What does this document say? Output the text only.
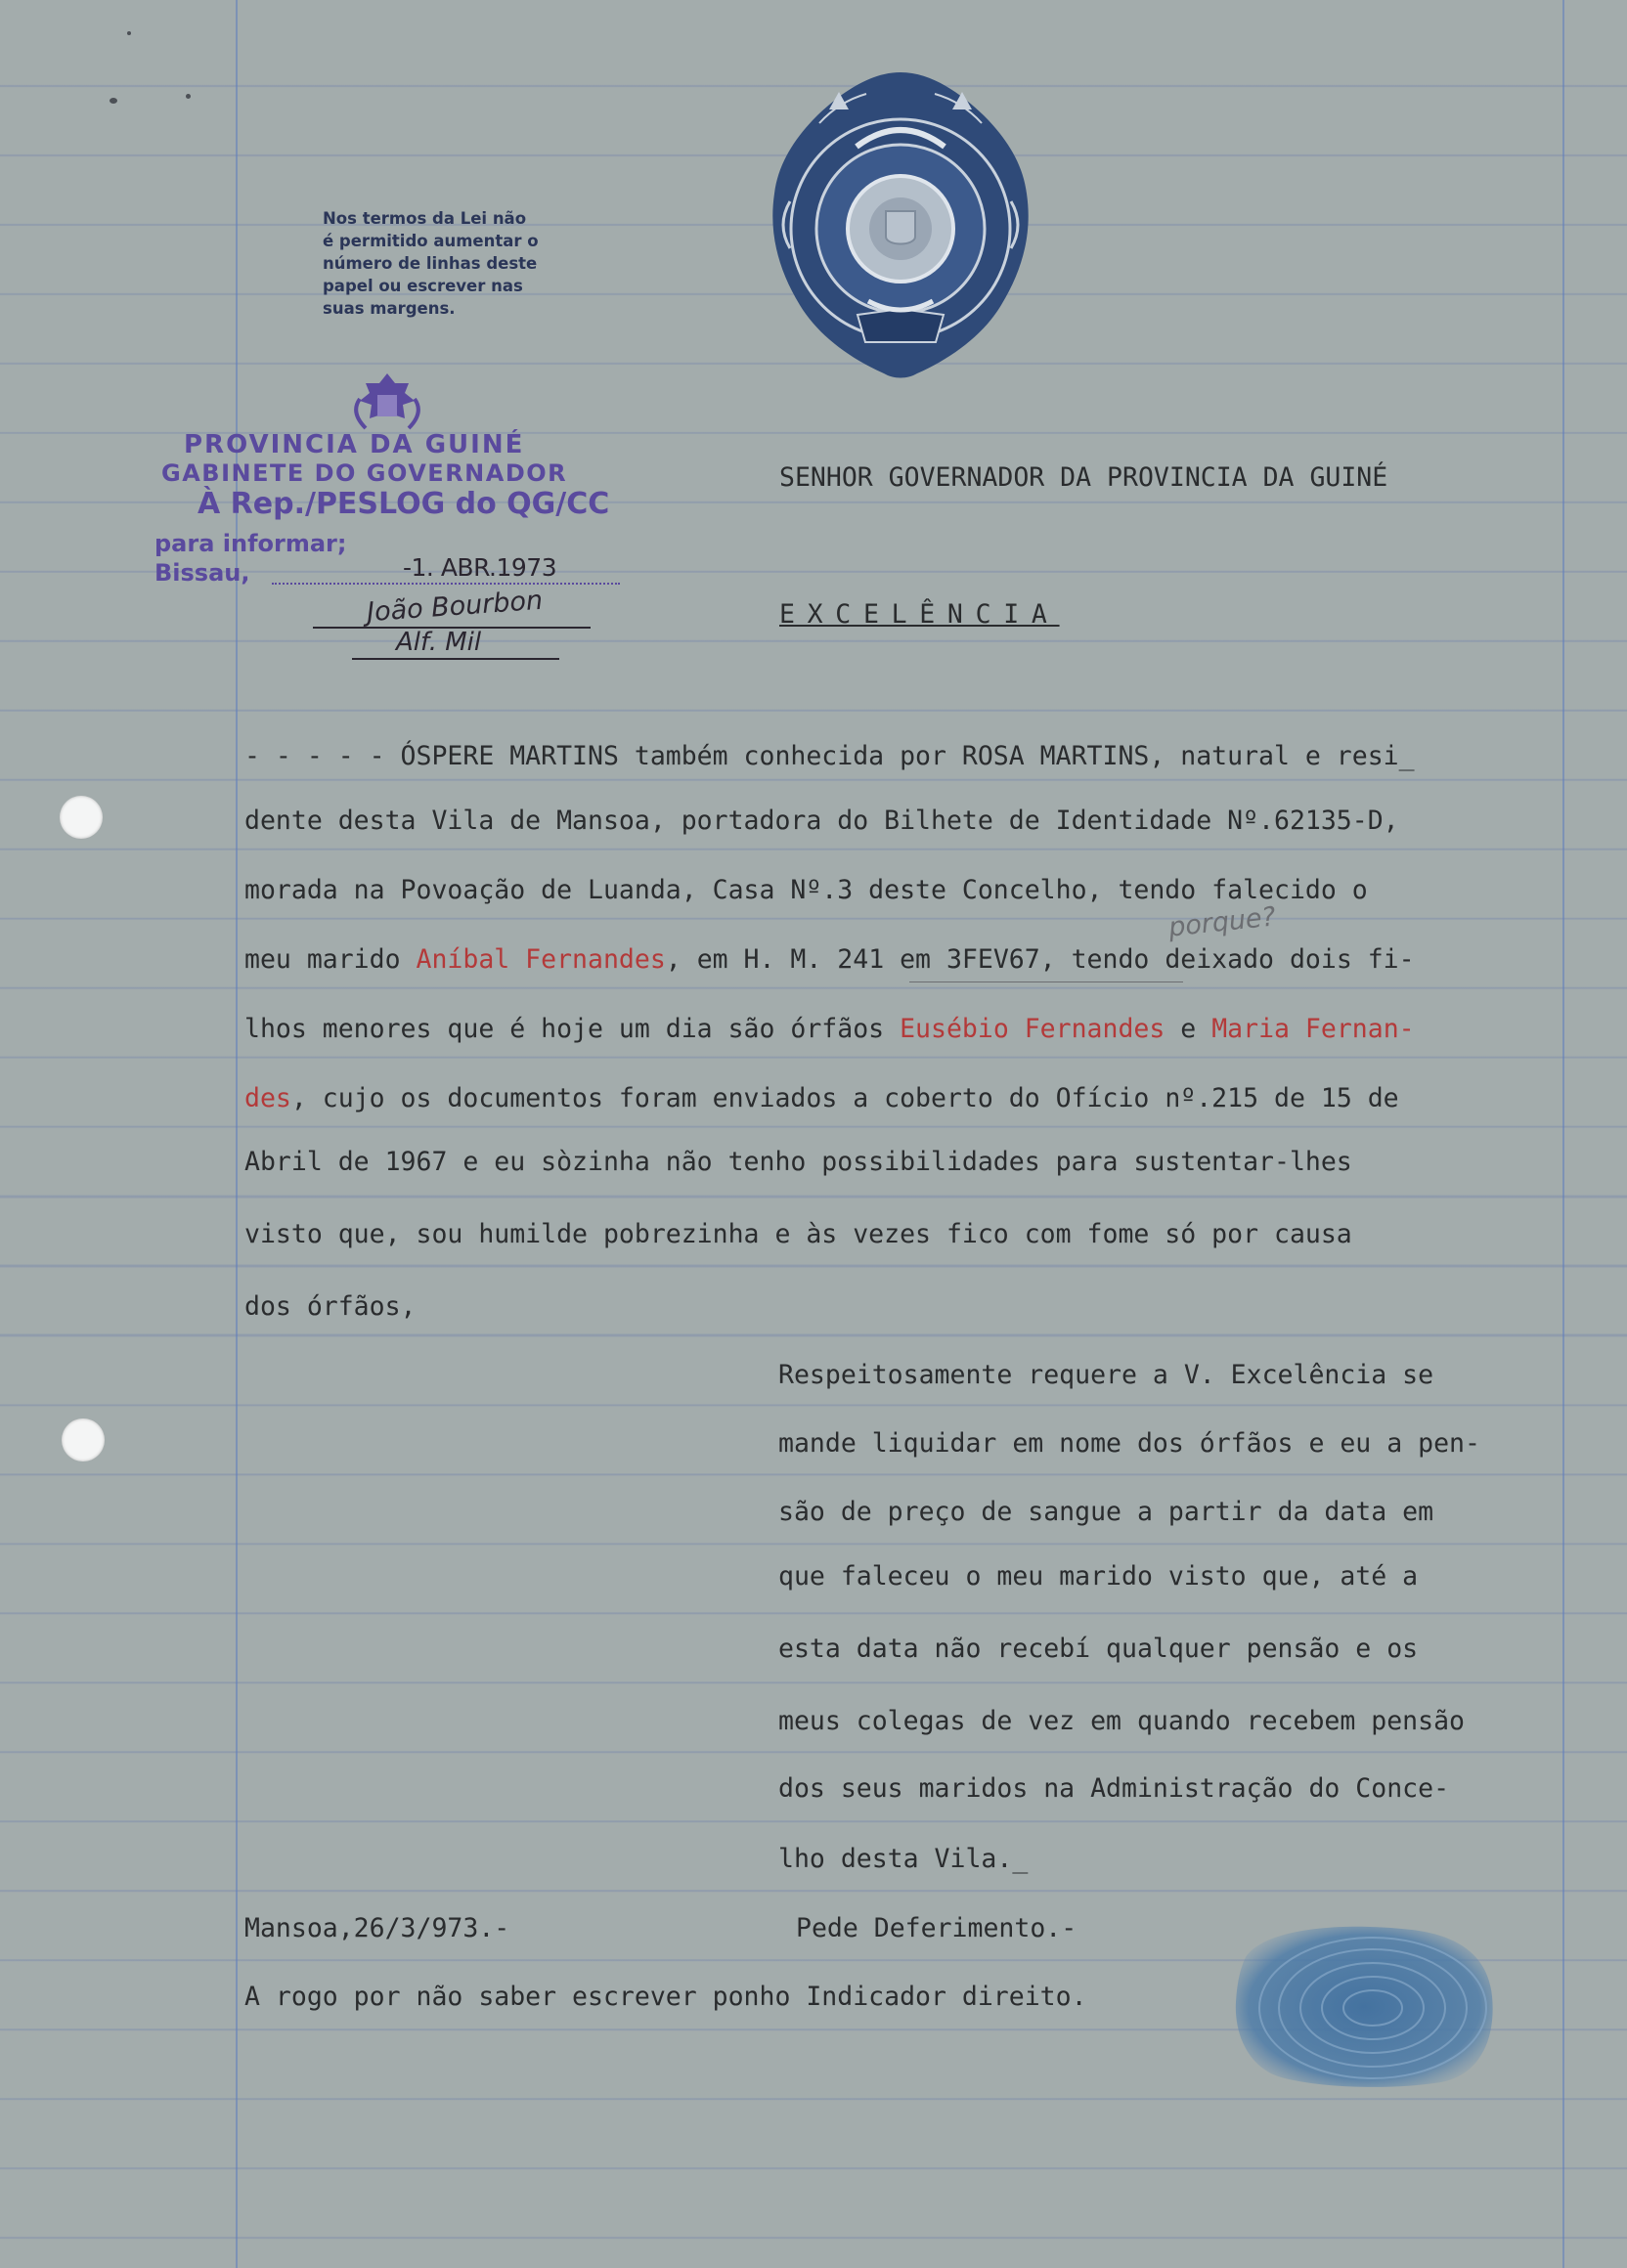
Nos termos da Lei não
é permitido aumentar o
número de linhas deste
papel ou escrever nas
suas margens.
PROVINCIA DA GUINÉ
GABINETE DO GOVERNADOR
À Rep./PESLOG do QG/CC
para informar;
Bissau,	-1. ABR.1973
João Bourbon
Alf. Mil
SENHOR GOVERNADOR DA PROVINCIA DA GUINÉ
EXCELÊNCIA
- - - - - ÓSPERE MARTINS também conhecida por ROSA MARTINS, natural e resi_
dente desta Vila de Mansoa, portadora do Bilhete de Identidade Nº.62135-D,
morada na Povoação de Luanda, Casa Nº.3 deste Concelho, tendo falecido o
meu marido Aníbal Fernandes, em H. M. 241 em 3FEV67, tendo deixado dois fi-
lhos menores que é hoje um dia são órfãos Eusébio Fernandes e Maria Fernan-
des, cujo os documentos foram enviados a coberto do Ofício nº.215 de 15 de
Abril de 1967 e eu sòzinha não tenho possibilidades para sustentar-lhes
visto que, sou humilde pobrezinha e às vezes fico com fome só por causa
dos órfãos,
porque?
Respeitosamente requere a V. Excelência se
mande liquidar em nome dos órfãos e eu a pen-
são de preço de sangue a partir da data em
que faleceu o meu marido visto que, até a
esta data não recebí qualquer pensão e os
meus colegas de vez em quando recebem pensão
dos seus maridos na Administração do Conce-
lho desta Vila._
Mansoa,26/3/973.-	Pede Deferimento.-
A rogo por não saber escrever ponho Indicador direito.
